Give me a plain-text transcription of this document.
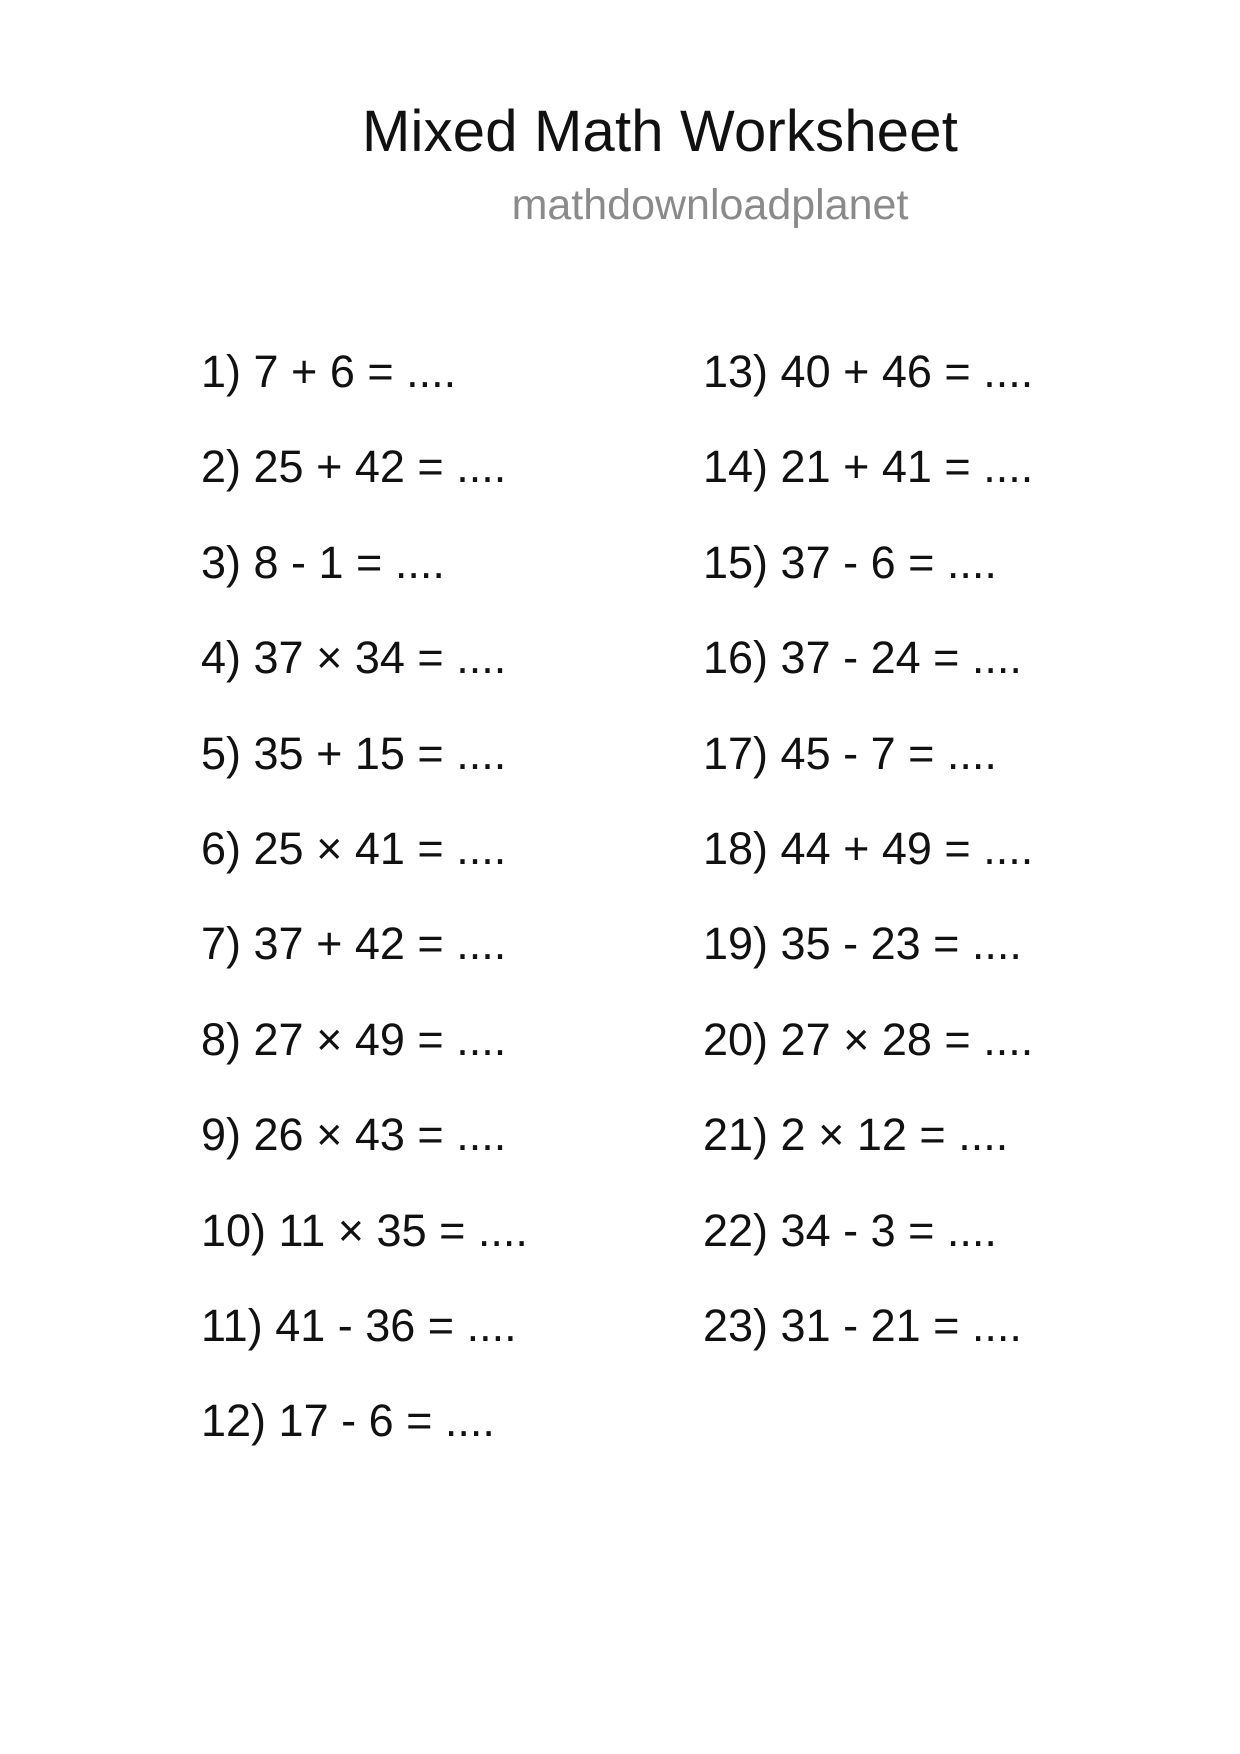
Mixed Math Worksheet
mathdownloadplanet
1) 7 + 6 = ....
2) 25 + 42 = ....
3) 8 - 1 = ....
4) 37 × 34 = ....
5) 35 + 15 = ....
6) 25 × 41 = ....
7) 37 + 42 = ....
8) 27 × 49 = ....
9) 26 × 43 = ....
10) 11 × 35 = ....
11) 41 - 36 = ....
12) 17 - 6 = ....
13) 40 + 46 = ....
14) 21 + 41 = ....
15) 37 - 6 = ....
16) 37 - 24 = ....
17) 45 - 7 = ....
18) 44 + 49 = ....
19) 35 - 23 = ....
20) 27 × 28 = ....
21) 2 × 12 = ....
22) 34 - 3 = ....
23) 31 - 21 = ....
